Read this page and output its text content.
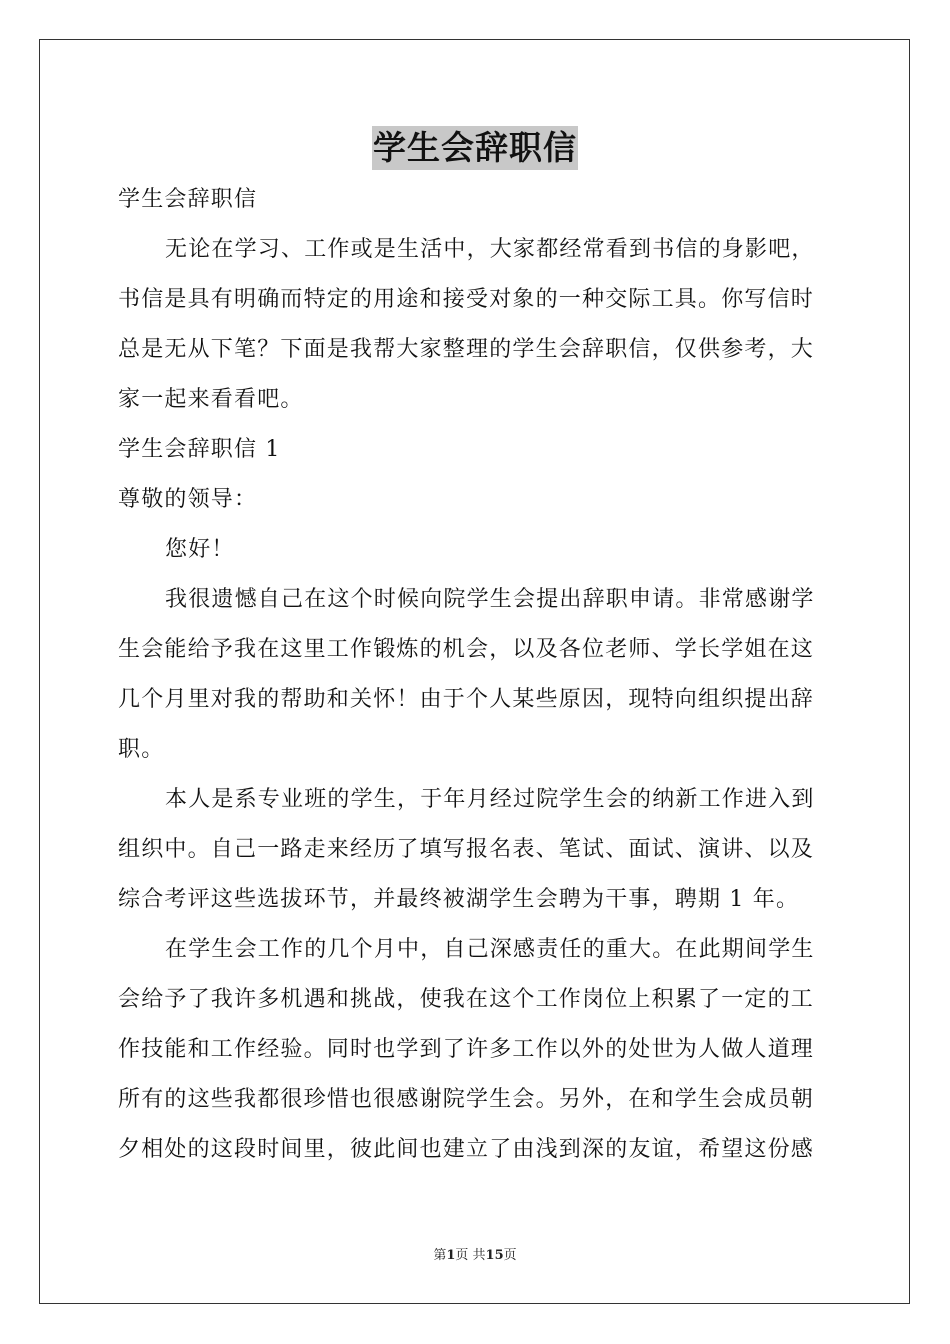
学生会辞职信
学生会辞职信
无论在学习、工作或是生活中，大家都经常看到书信的身影吧，
书信是具有明确而特定的用途和接受对象的一种交际工具。你写信时
总是无从下笔？下面是我帮大家整理的学生会辞职信，仅供参考，大
家一起来看看吧。
学生会辞职信 1
尊敬的领导：
您好！
我很遗憾自己在这个时候向院学生会提出辞职申请。非常感谢学
生会能给予我在这里工作锻炼的机会，以及各位老师、学长学姐在这
几个月里对我的帮助和关怀！由于个人某些原因，现特向组织提出辞
职。
本人是系专业班的学生，于年月经过院学生会的纳新工作进入到
组织中。自己一路走来经历了填写报名表、笔试、面试、演讲、以及
综合考评这些选拔环节，并最终被湖学生会聘为干事，聘期 1 年。
在学生会工作的几个月中，自己深感责任的重大。在此期间学生
会给予了我许多机遇和挑战，使我在这个工作岗位上积累了一定的工
作技能和工作经验。同时也学到了许多工作以外的处世为人做人道理
所有的这些我都很珍惜也很感谢院学生会。另外，在和学生会成员朝
夕相处的这段时间里，彼此间也建立了由浅到深的友谊，希望这份感
第1页 共15页
